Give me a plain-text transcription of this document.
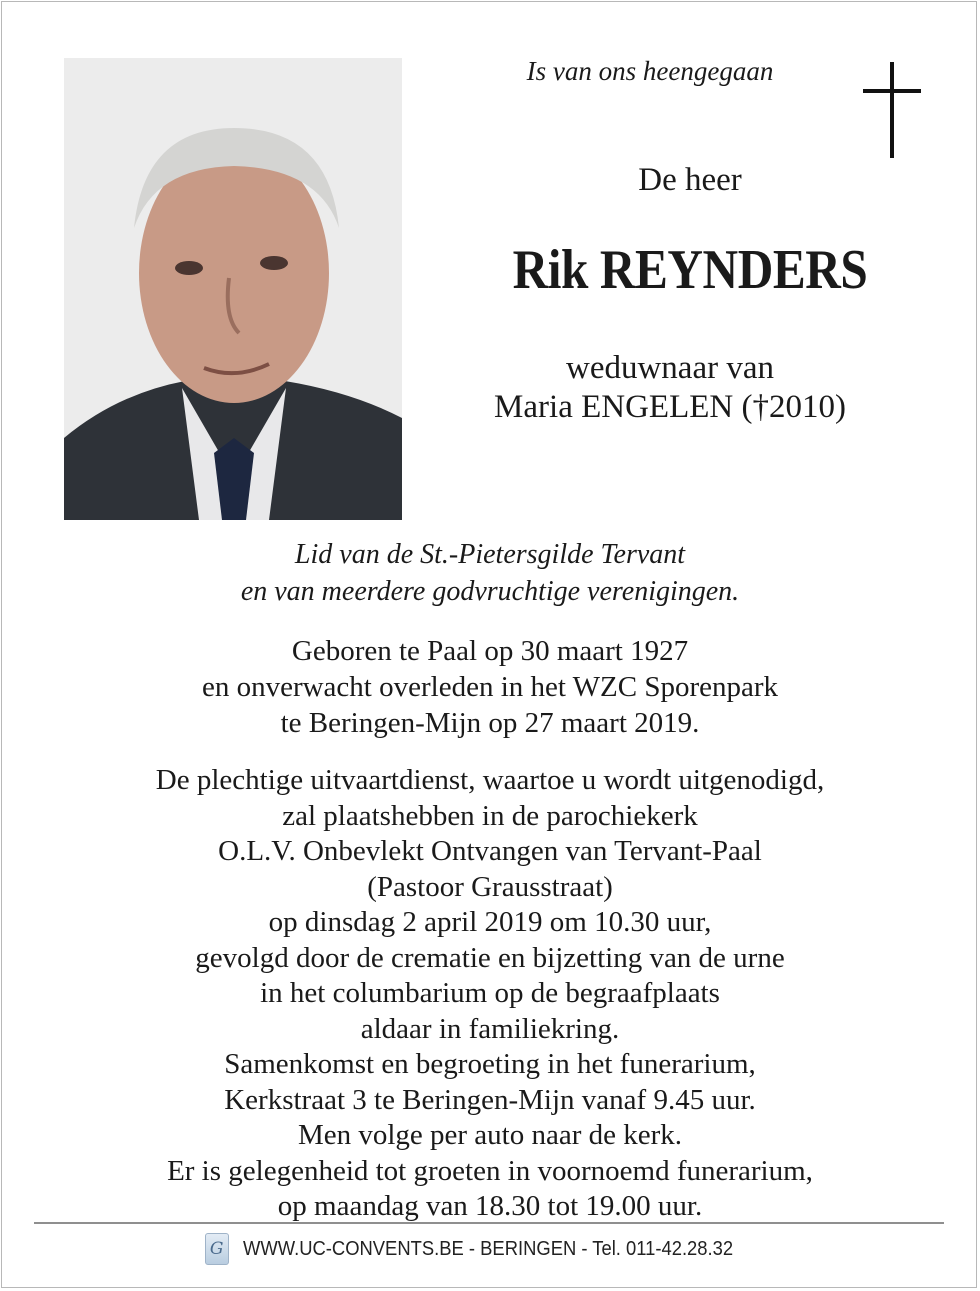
Is van ons heengegaan
De heer
Rik REYNDERS
weduwnaar van
Maria ENGELEN (†2010)
Lid van de St.-Pietersgilde Tervant
en van meerdere godvruchtige verenigingen.
Geboren te Paal op 30 maart 1927
en onverwacht overleden in het WZC Sporenpark
te Beringen-Mijn op 27 maart 2019.
De plechtige uitvaartdienst, waartoe u wordt uitgenodigd,
zal plaatshebben in de parochiekerk
O.L.V. Onbevlekt Ontvangen van Tervant-Paal
(Pastoor Grausstraat)
op dinsdag 2 april 2019 om 10.30 uur,
gevolgd door de crematie en bijzetting van de urne
in het columbarium op de begraafplaats
aldaar in familiekring.
Samenkomst en begroeting in het funerarium,
Kerkstraat 3 te Beringen-Mijn vanaf 9.45 uur.
Men volge per auto naar de kerk.
Er is gelegenheid tot groeten in voornoemd funerarium,
op maandag van 18.30 tot 19.00 uur.
G WWW.UC-CONVENTS.BE - BERINGEN - Tel. 011-42.28.32
